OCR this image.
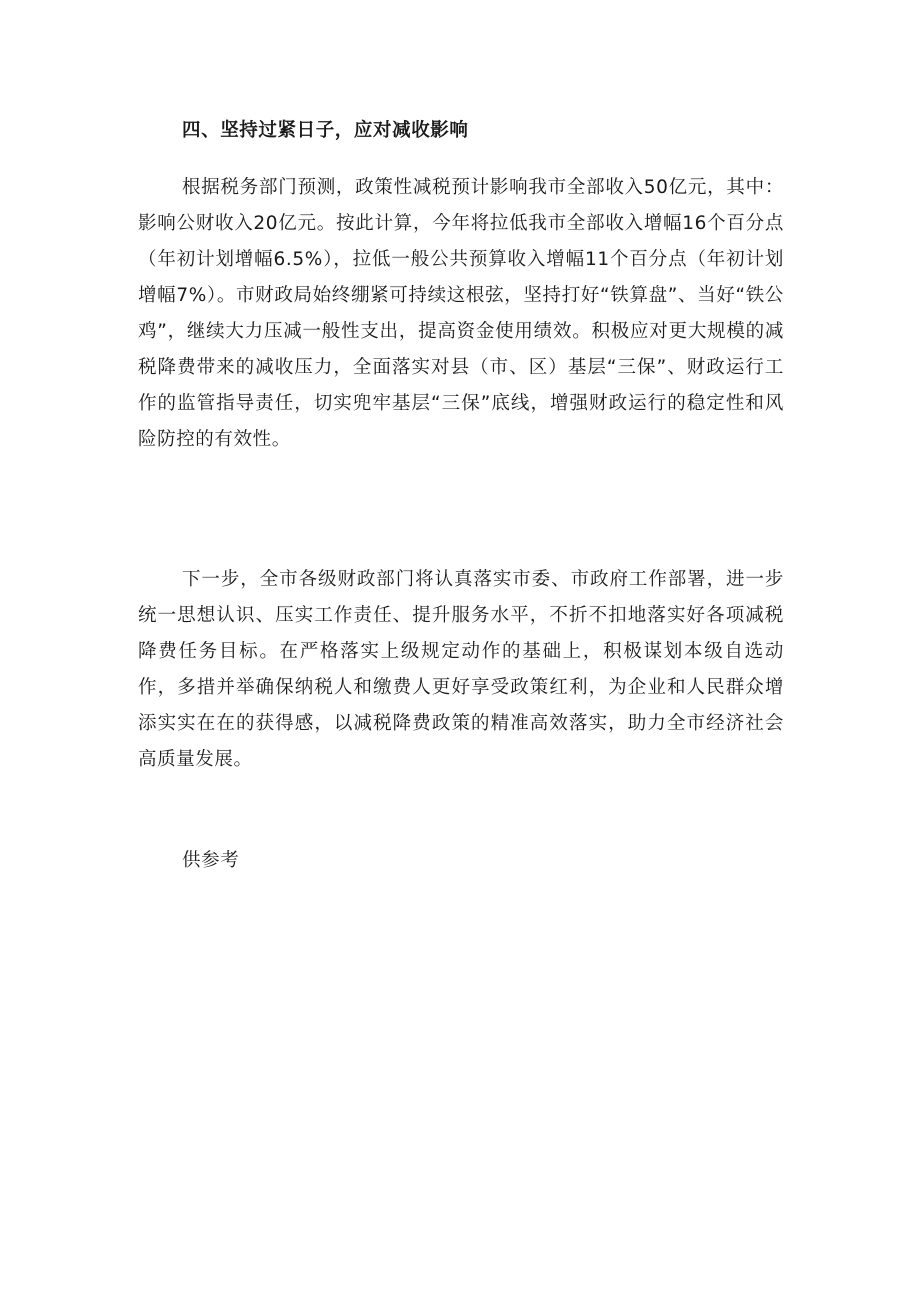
四、坚持过紧日子，应对减收影响

根据税务部门预测，政策性减税预计影响我市全部收入50亿元，其中：影响公财收入20亿元。按此计算，今年将拉低我市全部收入增幅16个百分点（年初计划增幅6.5%），拉低一般公共预算收入增幅11个百分点（年初计划增幅7%）。市财政局始终绷紧可持续这根弦，坚持打好“铁算盘”、当好“铁公鸡”，继续大力压减一般性支出，提高资金使用绩效。积极应对更大规模的减税降费带来的减收压力，全面落实对县（市、区）基层“三保”、财政运行工作的监管指导责任，切实兜牢基层“三保”底线，增强财政运行的稳定性和风险防控的有效性。

下一步，全市各级财政部门将认真落实市委、市政府工作部署，进一步统一思想认识、压实工作责任、提升服务水平，不折不扣地落实好各项减税降费任务目标。在严格落实上级规定动作的基础上，积极谋划本级自选动作，多措并举确保纳税人和缴费人更好享受政策红利，为企业和人民群众增添实实在在的获得感，以减税降费政策的精准高效落实，助力全市经济社会高质量发展。

供参考
